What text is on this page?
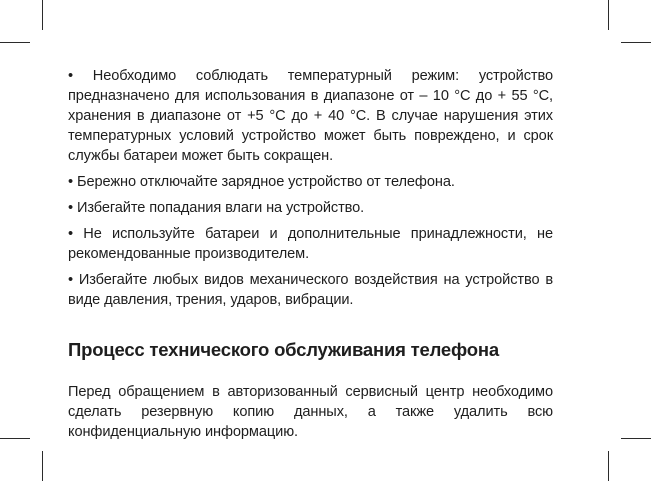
• Необходимо соблюдать температурный режим: устройство предназначено для использования в диапазоне от – 10 °С до + 55 °С, хранения в диапазоне от +5 °С до + 40 °С. В случае нарушения этих температурных условий устройство может быть повреждено, и срок службы батареи может быть сокращен.

• Бережно отключайте зарядное устройство от телефона.

• Избегайте попадания влаги на устройство.

• Не используйте батареи и дополнительные принадлежности, не рекомендованные производителем.

• Избегайте любых видов механического воздействия на устройство в виде давления, трения, ударов, вибрации.

Процесс технического обслуживания телефона

Перед обращением в авторизованный сервисный центр необходимо сделать резервную копию данных, а также удалить всю конфиденциальную информацию.
